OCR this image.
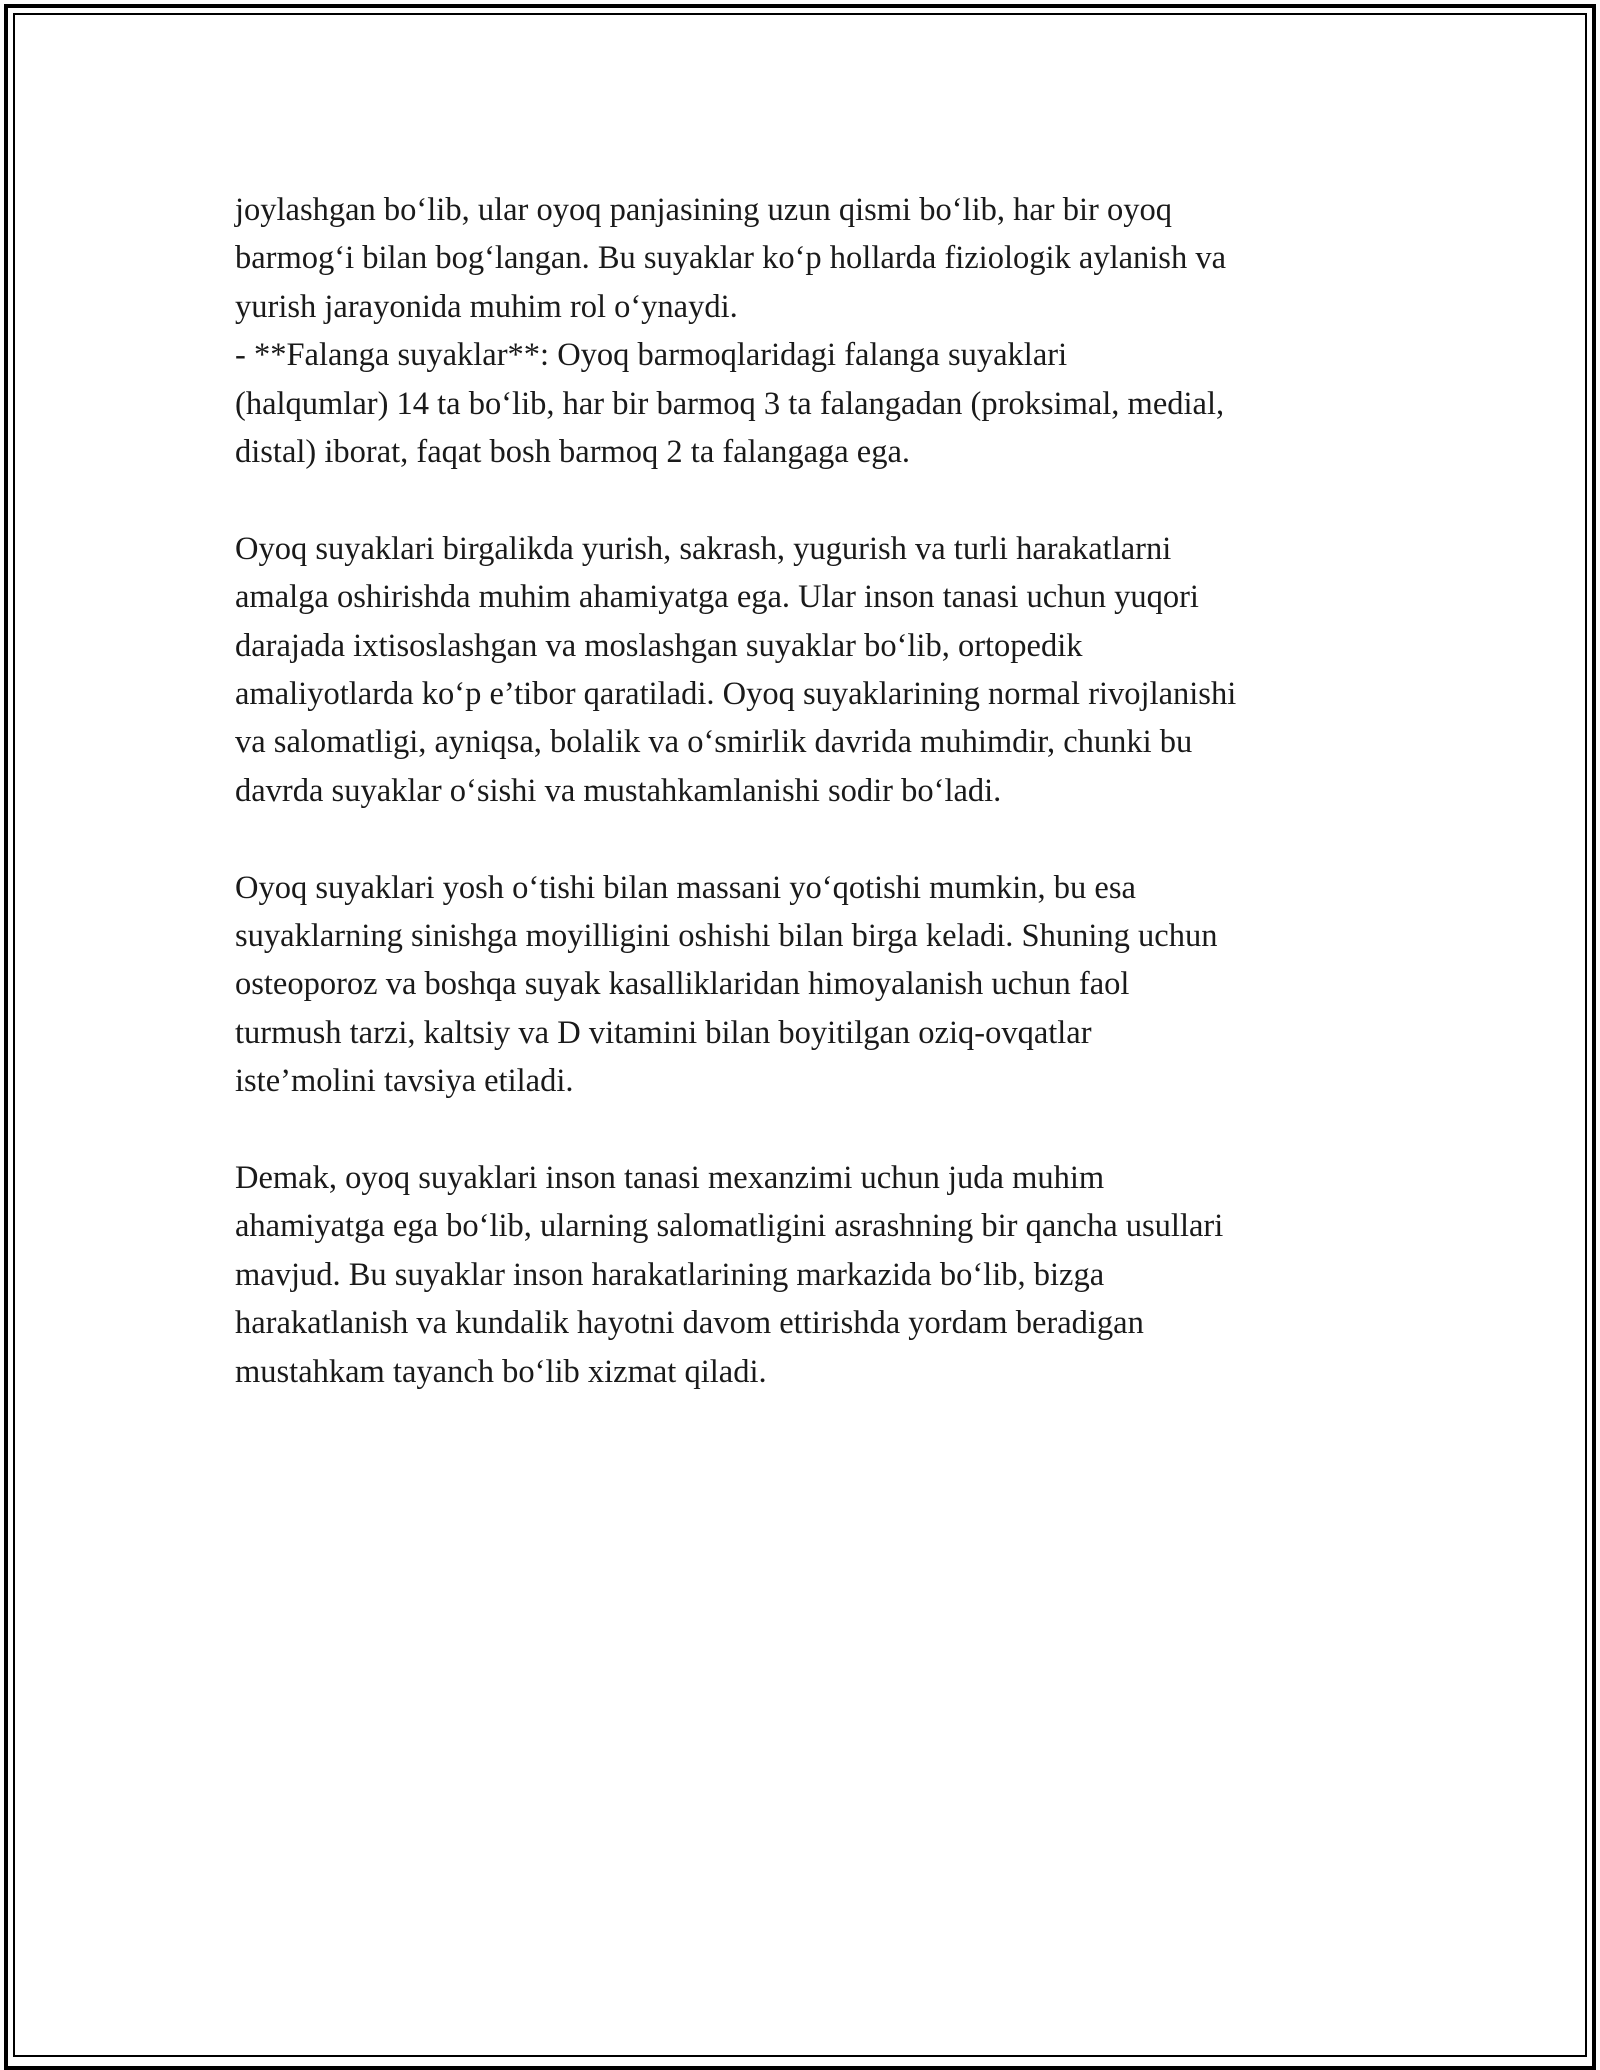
joylashgan bo‘lib, ular oyoq panjasining uzun qismi bo‘lib, har bir oyoq
barmog‘i bilan bog‘langan. Bu suyaklar ko‘p hollarda fiziologik aylanish va
yurish jarayonida muhim rol o‘ynaydi.

- **Falanga suyaklar**: Oyoq barmoqlaridagi falanga suyaklari
(halqumlar) 14 ta bo‘lib, har bir barmoq 3 ta falangadan (proksimal, medial,
distal) iborat, faqat bosh barmoq 2 ta falangaga ega.

Oyoq suyaklari birgalikda yurish, sakrash, yugurish va turli harakatlarni
amalga oshirishda muhim ahamiyatga ega. Ular inson tanasi uchun yuqori
darajada ixtisoslashgan va moslashgan suyaklar bo‘lib, ortopedik
amaliyotlarda ko‘p e’tibor qaratiladi. Oyoq suyaklarining normal rivojlanishi
va salomatligi, ayniqsa, bolalik va o‘smirlik davrida muhimdir, chunki bu
davrda suyaklar o‘sishi va mustahkamlanishi sodir bo‘ladi.

Oyoq suyaklari yosh o‘tishi bilan massani yo‘qotishi mumkin, bu esa
suyaklarning sinishga moyilligini oshishi bilan birga keladi. Shuning uchun
osteoporoz va boshqa suyak kasalliklaridan himoyalanish uchun faol
turmush tarzi, kaltsiy va D vitamini bilan boyitilgan oziq-ovqatlar
iste’molini tavsiya etiladi.

Demak, oyoq suyaklari inson tanasi mexanzimi uchun juda muhim
ahamiyatga ega bo‘lib, ularning salomatligini asrashning bir qancha usullari
mavjud. Bu suyaklar inson harakatlarining markazida bo‘lib, bizga
harakatlanish va kundalik hayotni davom ettirishda yordam beradigan
mustahkam tayanch bo‘lib xizmat qiladi.
